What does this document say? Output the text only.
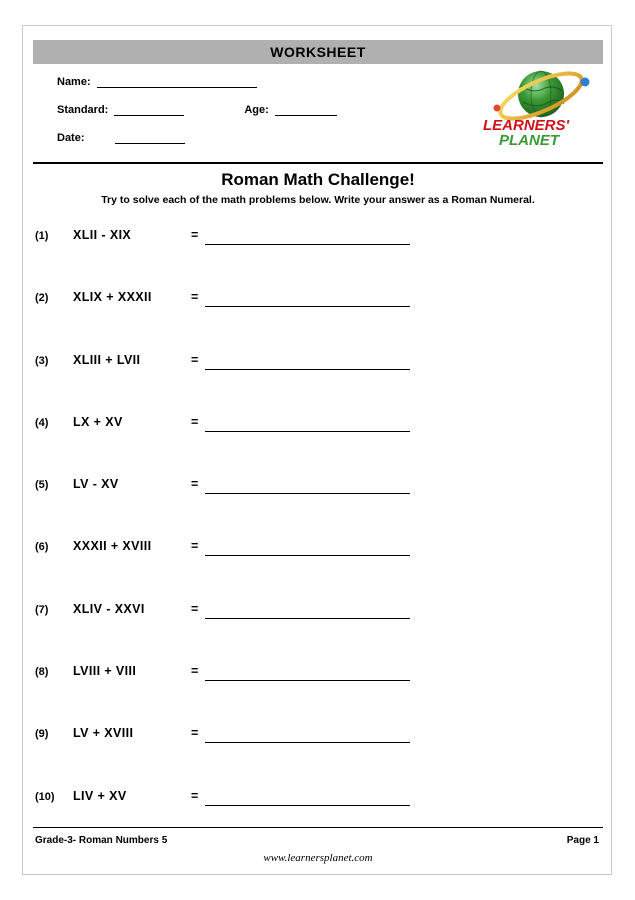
WORKSHEET
Name:
Standard:	Age:
Date:
LEARNERS'
PLANET
Roman Math Challenge!
Try to solve each of the math problems below. Write your answer as a Roman Numeral.
(1)	XLII - XIX	=
(2)	XLIX + XXXII	=
(3)	XLIII + LVII	=
(4)	LX + XV	=
(5)	LV - XV	=
(6)	XXXII + XVIII	=
(7)	XLIV - XXVI	=
(8)	LVIII + VIII	=
(9)	LV + XVIII	=
(10)	LIV + XV	=
Grade-3- Roman Numbers 5	Page 1
www.learnersplanet.com
